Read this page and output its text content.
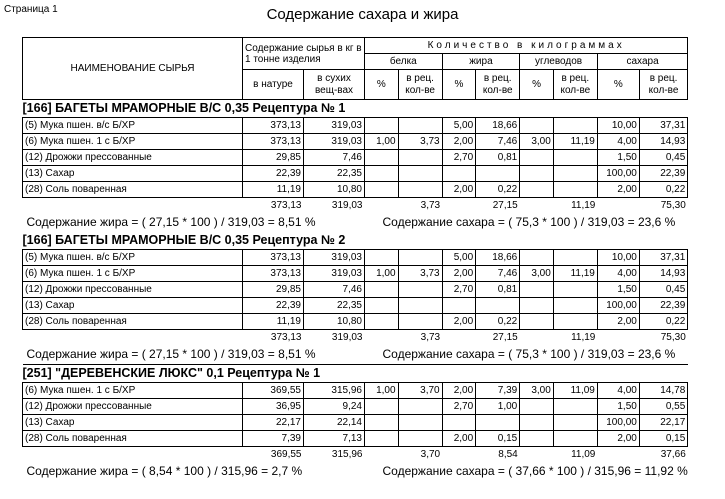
Страница 1	Содержание сахара и жира
НАИМЕНОВАНИЕ СЫРЬЯ	Содержание сырья в кг в 1 тонне изделия		Количество в килограммах							
			белка		жира		углеводов		сахара	
	в натуре	в сухих вещ-вах	%	в рец. кол-ве	%	в рец. кол-ве	%	в рец. кол-ве	%	в рец. кол-ве
[166] БАГЕТЫ МРАМОРНЫЕ В/С 0,35 Рецептура № 1										
(5) Мука пшен. в/с Б/ХР	373,13	319,03			5,00	18,66			10,00	37,31
(6) Мука пшен. 1 с Б/ХР	373,13	319,03	1,00	3,73	2,00	7,46	3,00	11,19	4,00	14,93
(12) Дрожжи прессованные	29,85	7,46			2,70	0,81			1,50	0,45
(13) Сахар	22,39	22,35							100,00	22,39
(28) Соль поваренная	11,19	10,80			2,00	0,22			2,00	0,22
	373,13	319,03		3,73		27,15		11,19		75,30
Содержание жира = ( 27,15 * 100 ) / 319,03 = 8,51 %			Содержание сахара = ( 75,3 * 100 ) / 319,03 = 23,6 %							
[166] БАГЕТЫ МРАМОРНЫЕ В/С 0,35 Рецептура № 2										
(5) Мука пшен. в/с Б/ХР	373,13	319,03			5,00	18,66			10,00	37,31
(6) Мука пшен. 1 с Б/ХР	373,13	319,03	1,00	3,73	2,00	7,46	3,00	11,19	4,00	14,93
(12) Дрожжи прессованные	29,85	7,46			2,70	0,81			1,50	0,45
(13) Сахар	22,39	22,35							100,00	22,39
(28) Соль поваренная	11,19	10,80			2,00	0,22			2,00	0,22
	373,13	319,03		3,73		27,15		11,19		75,30
Содержание жира = ( 27,15 * 100 ) / 319,03 = 8,51 %			Содержание сахара = ( 75,3 * 100 ) / 319,03 = 23,6 %							
[251] "ДЕРЕВЕНСКИЕ ЛЮКС" 0,1 Рецептура № 1										
(6) Мука пшен. 1 с Б/ХР	369,55	315,96	1,00	3,70	2,00	7,39	3,00	11,09	4,00	14,78
(12) Дрожжи прессованные	36,95	9,24			2,70	1,00			1,50	0,55
(13) Сахар	22,17	22,14							100,00	22,17
(28) Соль поваренная	7,39	7,13			2,00	0,15			2,00	0,15
	369,55	315,96		3,70		8,54		11,09		37,66
Содержание жира = ( 8,54 * 100 ) / 315,96 = 2,7 %			Содержание сахара = ( 37,66 * 100 ) / 315,96 = 11,92 %							
